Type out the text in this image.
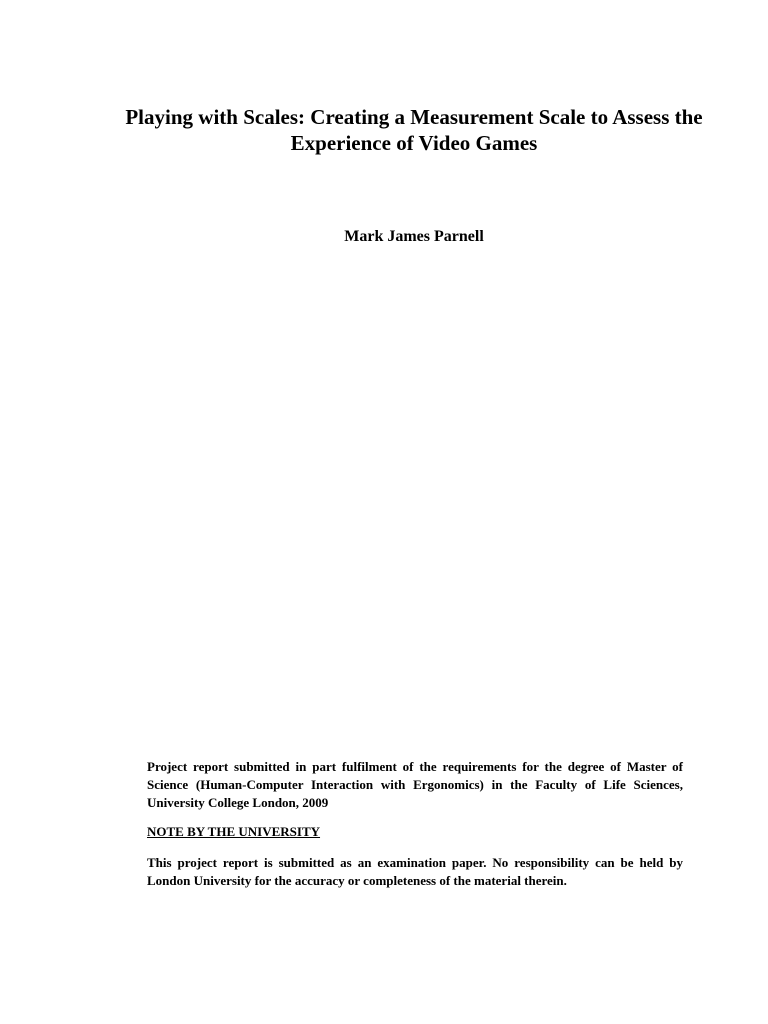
Playing with Scales: Creating a Measurement Scale to Assess the Experience of Video Games

Mark James Parnell

Project report submitted in part fulfilment of the requirements for the degree of Master of Science (Human-Computer Interaction with Ergonomics) in the Faculty of Life Sciences, University College London, 2009

NOTE BY THE UNIVERSITY

This project report is submitted as an examination paper. No responsibility can be held by London University for the accuracy or completeness of the material therein.
